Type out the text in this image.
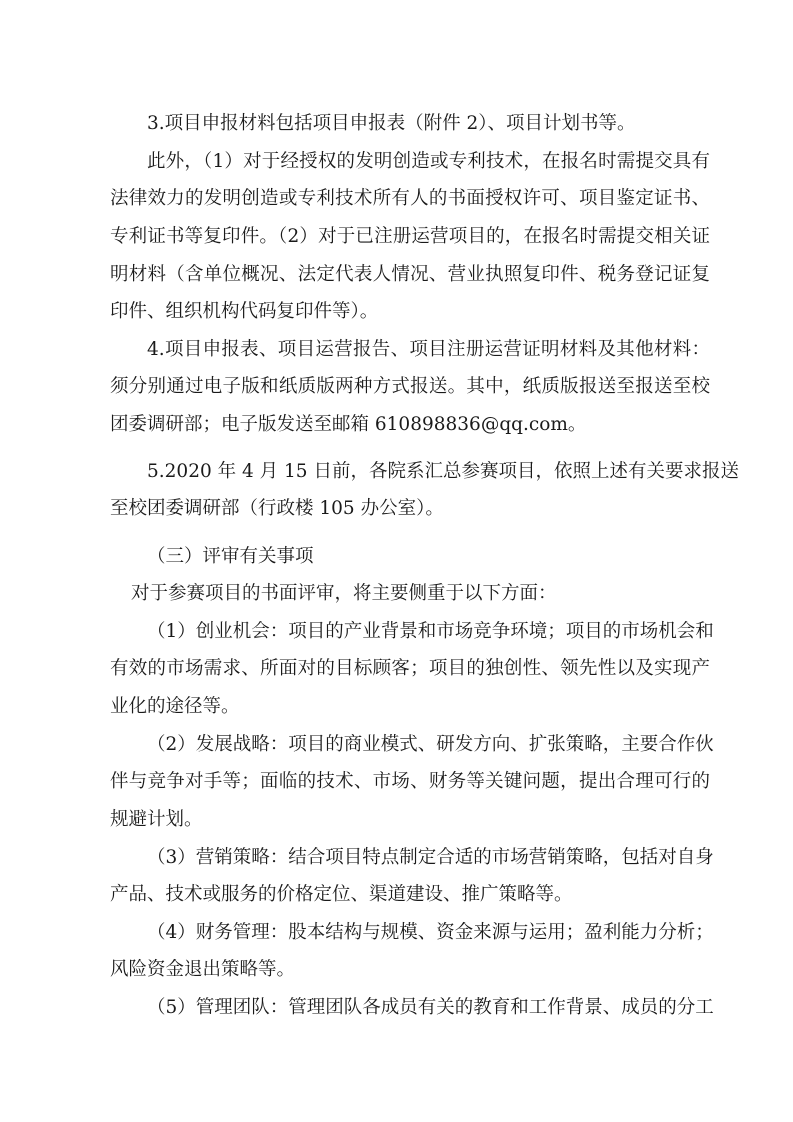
3.项目申报材料包括项目申报表（附件 2）、项目计划书等。
此外，（1）对于经授权的发明创造或专利技术，在报名时需提交具有
法律效力的发明创造或专利技术所有人的书面授权许可、项目鉴定证书、
专利证书等复印件。（2）对于已注册运营项目的，在报名时需提交相关证
明材料（含单位概况、法定代表人情况、营业执照复印件、税务登记证复
印件、组织机构代码复印件等）。
4.项目申报表、项目运营报告、项目注册运营证明材料及其他材料：
须分别通过电子版和纸质版两种方式报送。其中，纸质版报送至报送至校
团委调研部；电子版发送至邮箱 610898836@qq.com。
5.2020 年 4 月 15 日前，各院系汇总参赛项目，依照上述有关要求报送
至校团委调研部（行政楼 105 办公室）。
（三）评审有关事项
对于参赛项目的书面评审，将主要侧重于以下方面：
（1）创业机会：项目的产业背景和市场竞争环境；项目的市场机会和
有效的市场需求、所面对的目标顾客；项目的独创性、领先性以及实现产
业化的途径等。
（2）发展战略：项目的商业模式、研发方向、扩张策略，主要合作伙
伴与竞争对手等；面临的技术、市场、财务等关键问题，提出合理可行的
规避计划。
（3）营销策略：结合项目特点制定合适的市场营销策略，包括对自身
产品、技术或服务的价格定位、渠道建设、推广策略等。
（4）财务管理：股本结构与规模、资金来源与运用；盈利能力分析；
风险资金退出策略等。
（5）管理团队：管理团队各成员有关的教育和工作背景、成员的分工
